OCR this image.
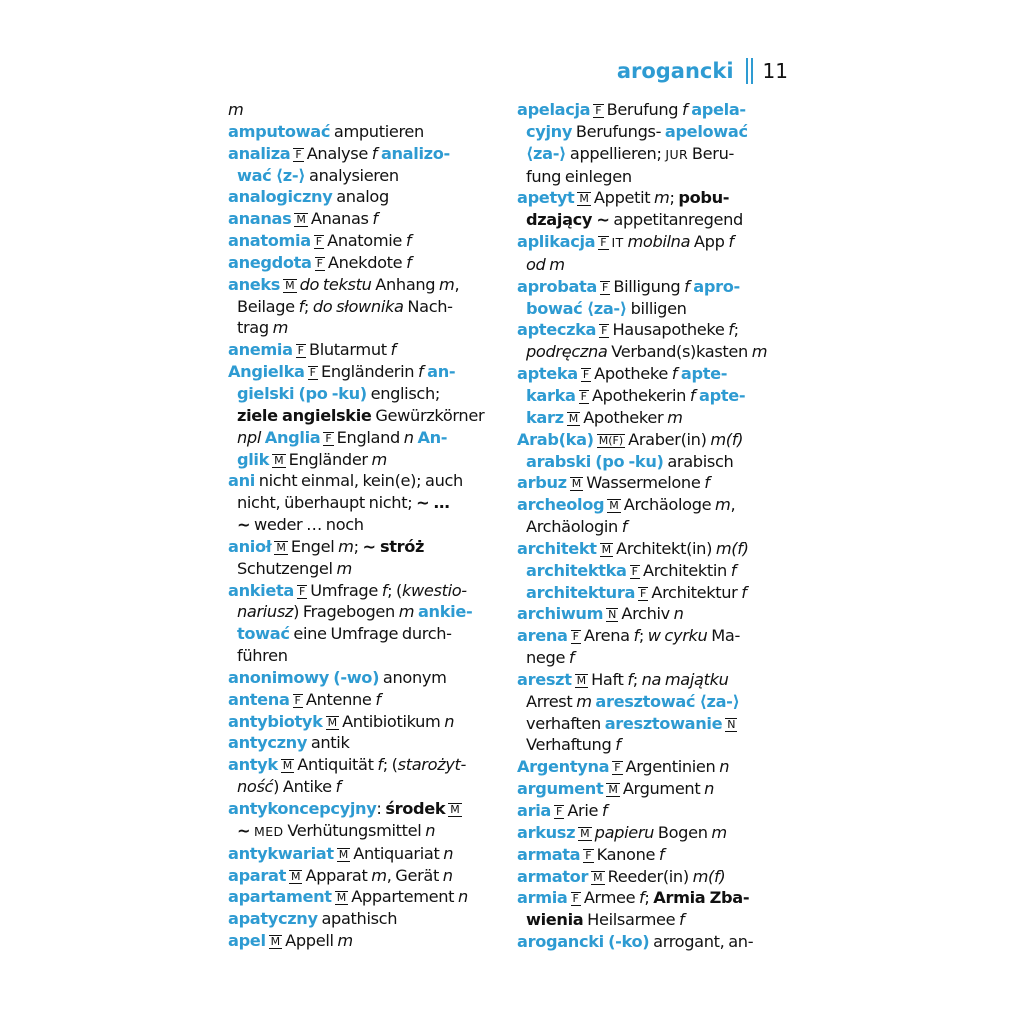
arogancki 11
m
amputować amputieren
analiza F Analyse f analizo-
wać ⟨z-⟩ analysieren
analogiczny analog
ananas M Ananas f
anatomia F Anatomie f
anegdota F Anekdote f
aneks M do tekstu Anhang m,
Beilage f; do słownika Nach-
trag m
anemia F Blutarmut f
Angielka F Engländerin f an-
gielski (po -ku) englisch;
ziele angielskie Gewürzkörner
npl Anglia F England n An-
glik M Engländer m
ani nicht einmal, kein(e); auch
nicht, überhaupt nicht; ~ …
~ weder … noch
anioł M Engel m; ~ stróż
Schutzengel m
ankieta F Umfrage f; (kwestio-
nariusz) Fragebogen m ankie-
tować eine Umfrage durch-
führen
anonimowy (-wo) anonym
antena F Antenne f
antybiotyk M Antibiotikum n
antyczny antik
antyk M Antiquität f; (starożyt-
ność) Antike f
antykoncepcyjny: środek M
~ MED Verhütungsmittel n
antykwariat M Antiquariat n
aparat M Apparat m, Gerät n
apartament M Appartement n
apatyczny apathisch
apel M Appell m
apelacja F Berufung f apela-
cyjny Berufungs- apelować
⟨za-⟩ appellieren; JUR Beru-
fung einlegen
apetyt M Appetit m; pobu-
dzający ~ appetitanregend
aplikacja F IT mobilna App f
od m
aprobata F Billigung f apro-
bować ⟨za-⟩ billigen
apteczka F Hausapotheke f;
podręczna Verband(s)kasten m
apteka F Apotheke f apte-
karka F Apothekerin f apte-
karz M Apotheker m
Arab(ka) M(F) Araber(in) m(f)
arabski (po -ku) arabisch
arbuz M Wassermelone f
archeolog M Archäologe m,
Archäologin f
architekt M Architekt(in) m(f)
architektka F Architektin f
architektura F Architektur f
archiwum N Archiv n
arena F Arena f; w cyrku Ma-
nege f
areszt M Haft f; na majątku
Arrest m aresztować ⟨za-⟩
verhaften aresztowanie N
Verhaftung f
Argentyna F Argentinien n
argument M Argument n
aria F Arie f
arkusz M papieru Bogen m
armata F Kanone f
armator M Reeder(in) m(f)
armia F Armee f; Armia Zba-
wienia Heilsarmee f
arogancki (-ko) arrogant, an-
